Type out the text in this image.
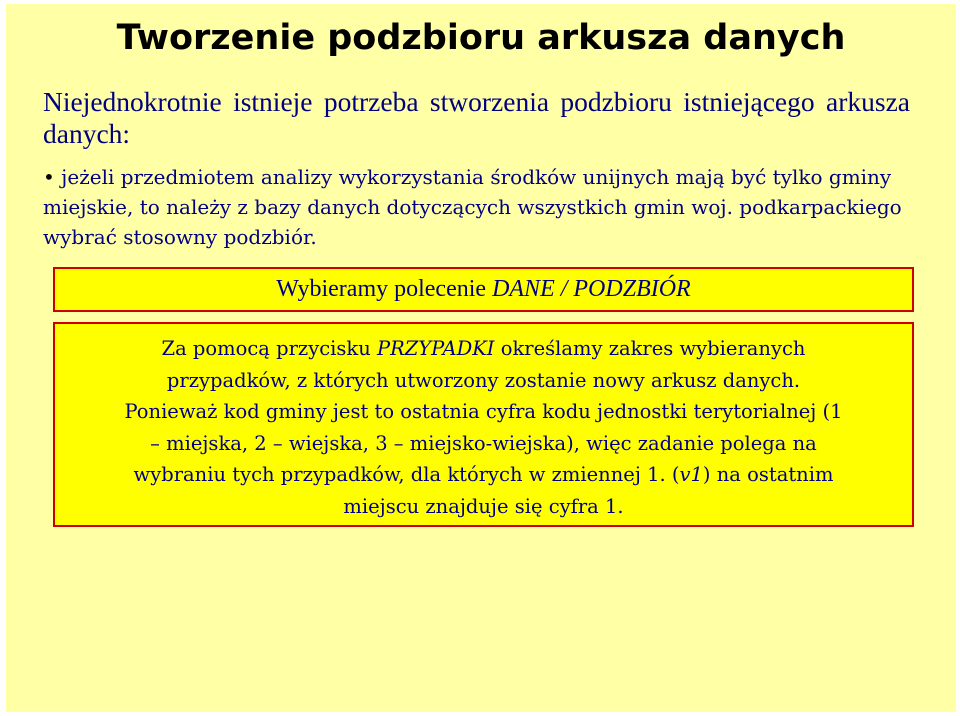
Tworzenie podzbioru arkusza danych
Niejednokrotnie istnieje potrzeba stworzenia podzbioru istniejącego arkusza danych:
• jeżeli przedmiotem analizy wykorzystania środków unijnych mają być tylko gminy miejskie, to należy z bazy danych dotyczących wszystkich gmin woj. podkarpackiego wybrać stosowny podzbiór.
Wybieramy polecenie DANE / PODZBIÓR
Za pomocą przycisku PRZYPADKI określamy zakres wybieranych
przypadków, z których utworzony zostanie nowy arkusz danych.
Ponieważ kod gminy jest to ostatnia cyfra kodu jednostki terytorialnej (1
– miejska, 2 – wiejska, 3 – miejsko-wiejska), więc zadanie polega na
wybraniu tych przypadków, dla których w zmiennej 1. (v1) na ostatnim
miejscu znajduje się cyfra 1.
